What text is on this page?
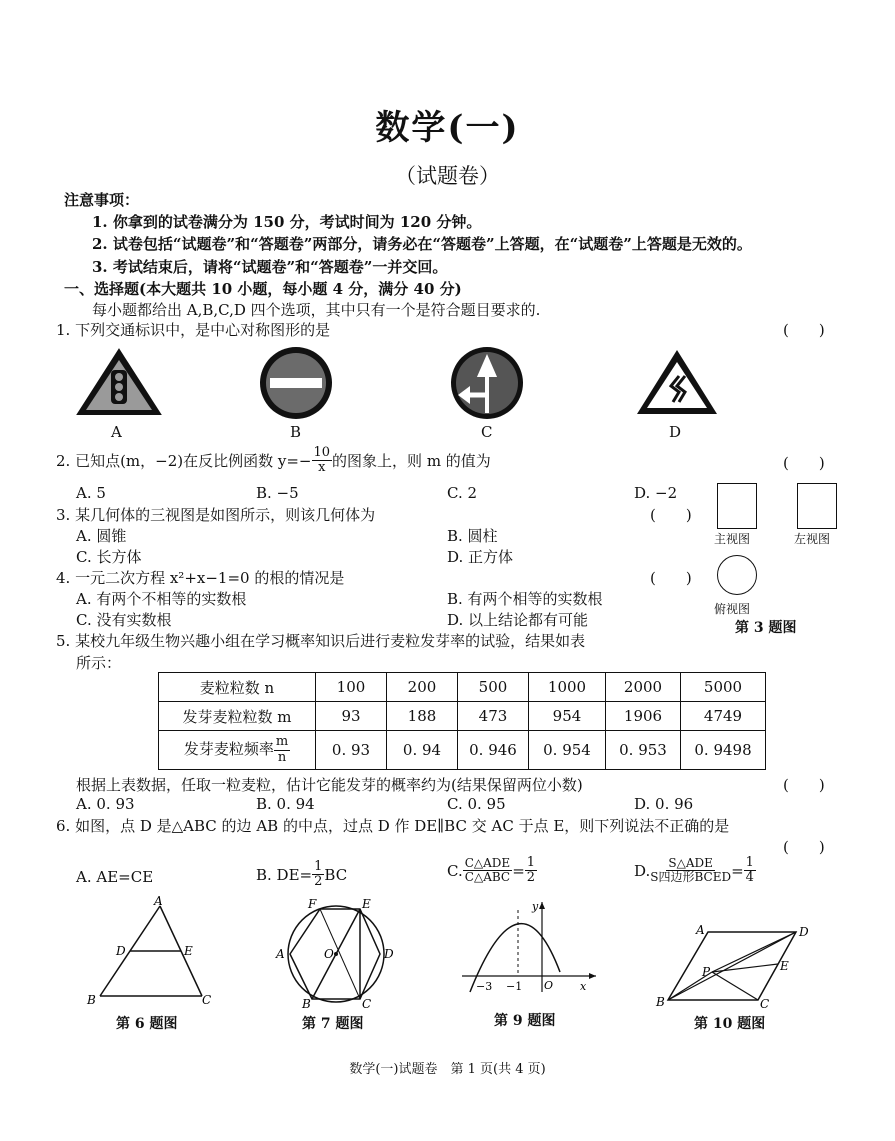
数学(一)
（试题卷）
注意事项：
1. 你拿到的试卷满分为 150 分，考试时间为 120 分钟。
2. 试卷包括“试题卷”和“答题卷”两部分，请务必在“答题卷”上答题，在“试题卷”上答题是无效的。
3. 考试结束后，请将“试题卷”和“答题卷”一并交回。
一、选择题(本大题共 10 小题，每小题 4 分，满分 40 分)
每小题都给出 A,B,C,D 四个选项，其中只有一个是符合题目要求的.
1. 下列交通标识中，是中心对称图形的是	(　　)
A	B	C	D
2. 已知点(m，−2)在反比例函数 $y=- \frac{10}{x}$ 的图象上，则 m 的值为	(　　)
A. 5	B. −5	C. 2	D. −2
3. 某几何体的三视图是如图所示，则该几何体为	(　　)
A. 圆锥	B. 圆柱
C. 长方体	D. 正方体
主视图	左视图
俯视图
第 3 题图
4. 一元二次方程 x²+x−1=0 的根的情况是	(　　)
A. 有两个不相等的实数根	B. 有两个相等的实数根
C. 没有实数根	D. 以上结论都有可能
5. 某校九年级生物兴趣小组在学习概率知识后进行麦粒发芽率的试验，结果如表
所示：
麦粒粒数 n	100	200	500	1000	2000	5000
发芽麦粒粒数 m	93	188	473	954	1906	4749
发芽麦粒频率 $\frac{m}{n}$	0. 93	0. 94	0. 946	0. 954	0. 953	0. 9498
根据上表数据，任取一粒麦粒，估计它能发芽的概率约为(结果保留两位小数)	(　　)
A. 0. 93	B. 0. 94	C. 0. 95	D. 0. 96
6. 如图，点 D 是△ABC 的边 AB 的中点，过点 D 作 DE∥BC 交 AC 于点 E，则下列说法不正确的是
(　　)
A. AE=CE	B. $DE= \frac{1}{2}$ BC	C. $\frac{\text{C△ADE}}{\text{C△ABC}} = \frac{1}{2}$	D. $\frac{\text{S△ADE}}{\text{S四边形BCED}} = \frac{1}{4}$
A
D	E
B	C
第 6 题图
F	E
A	O	D
B	C
第 7 题图
y
−3 −1 O x
第 9 题图
A	D
P	E
B	C
第 10 题图
数学(一)试题卷　第 1 页(共 4 页)
